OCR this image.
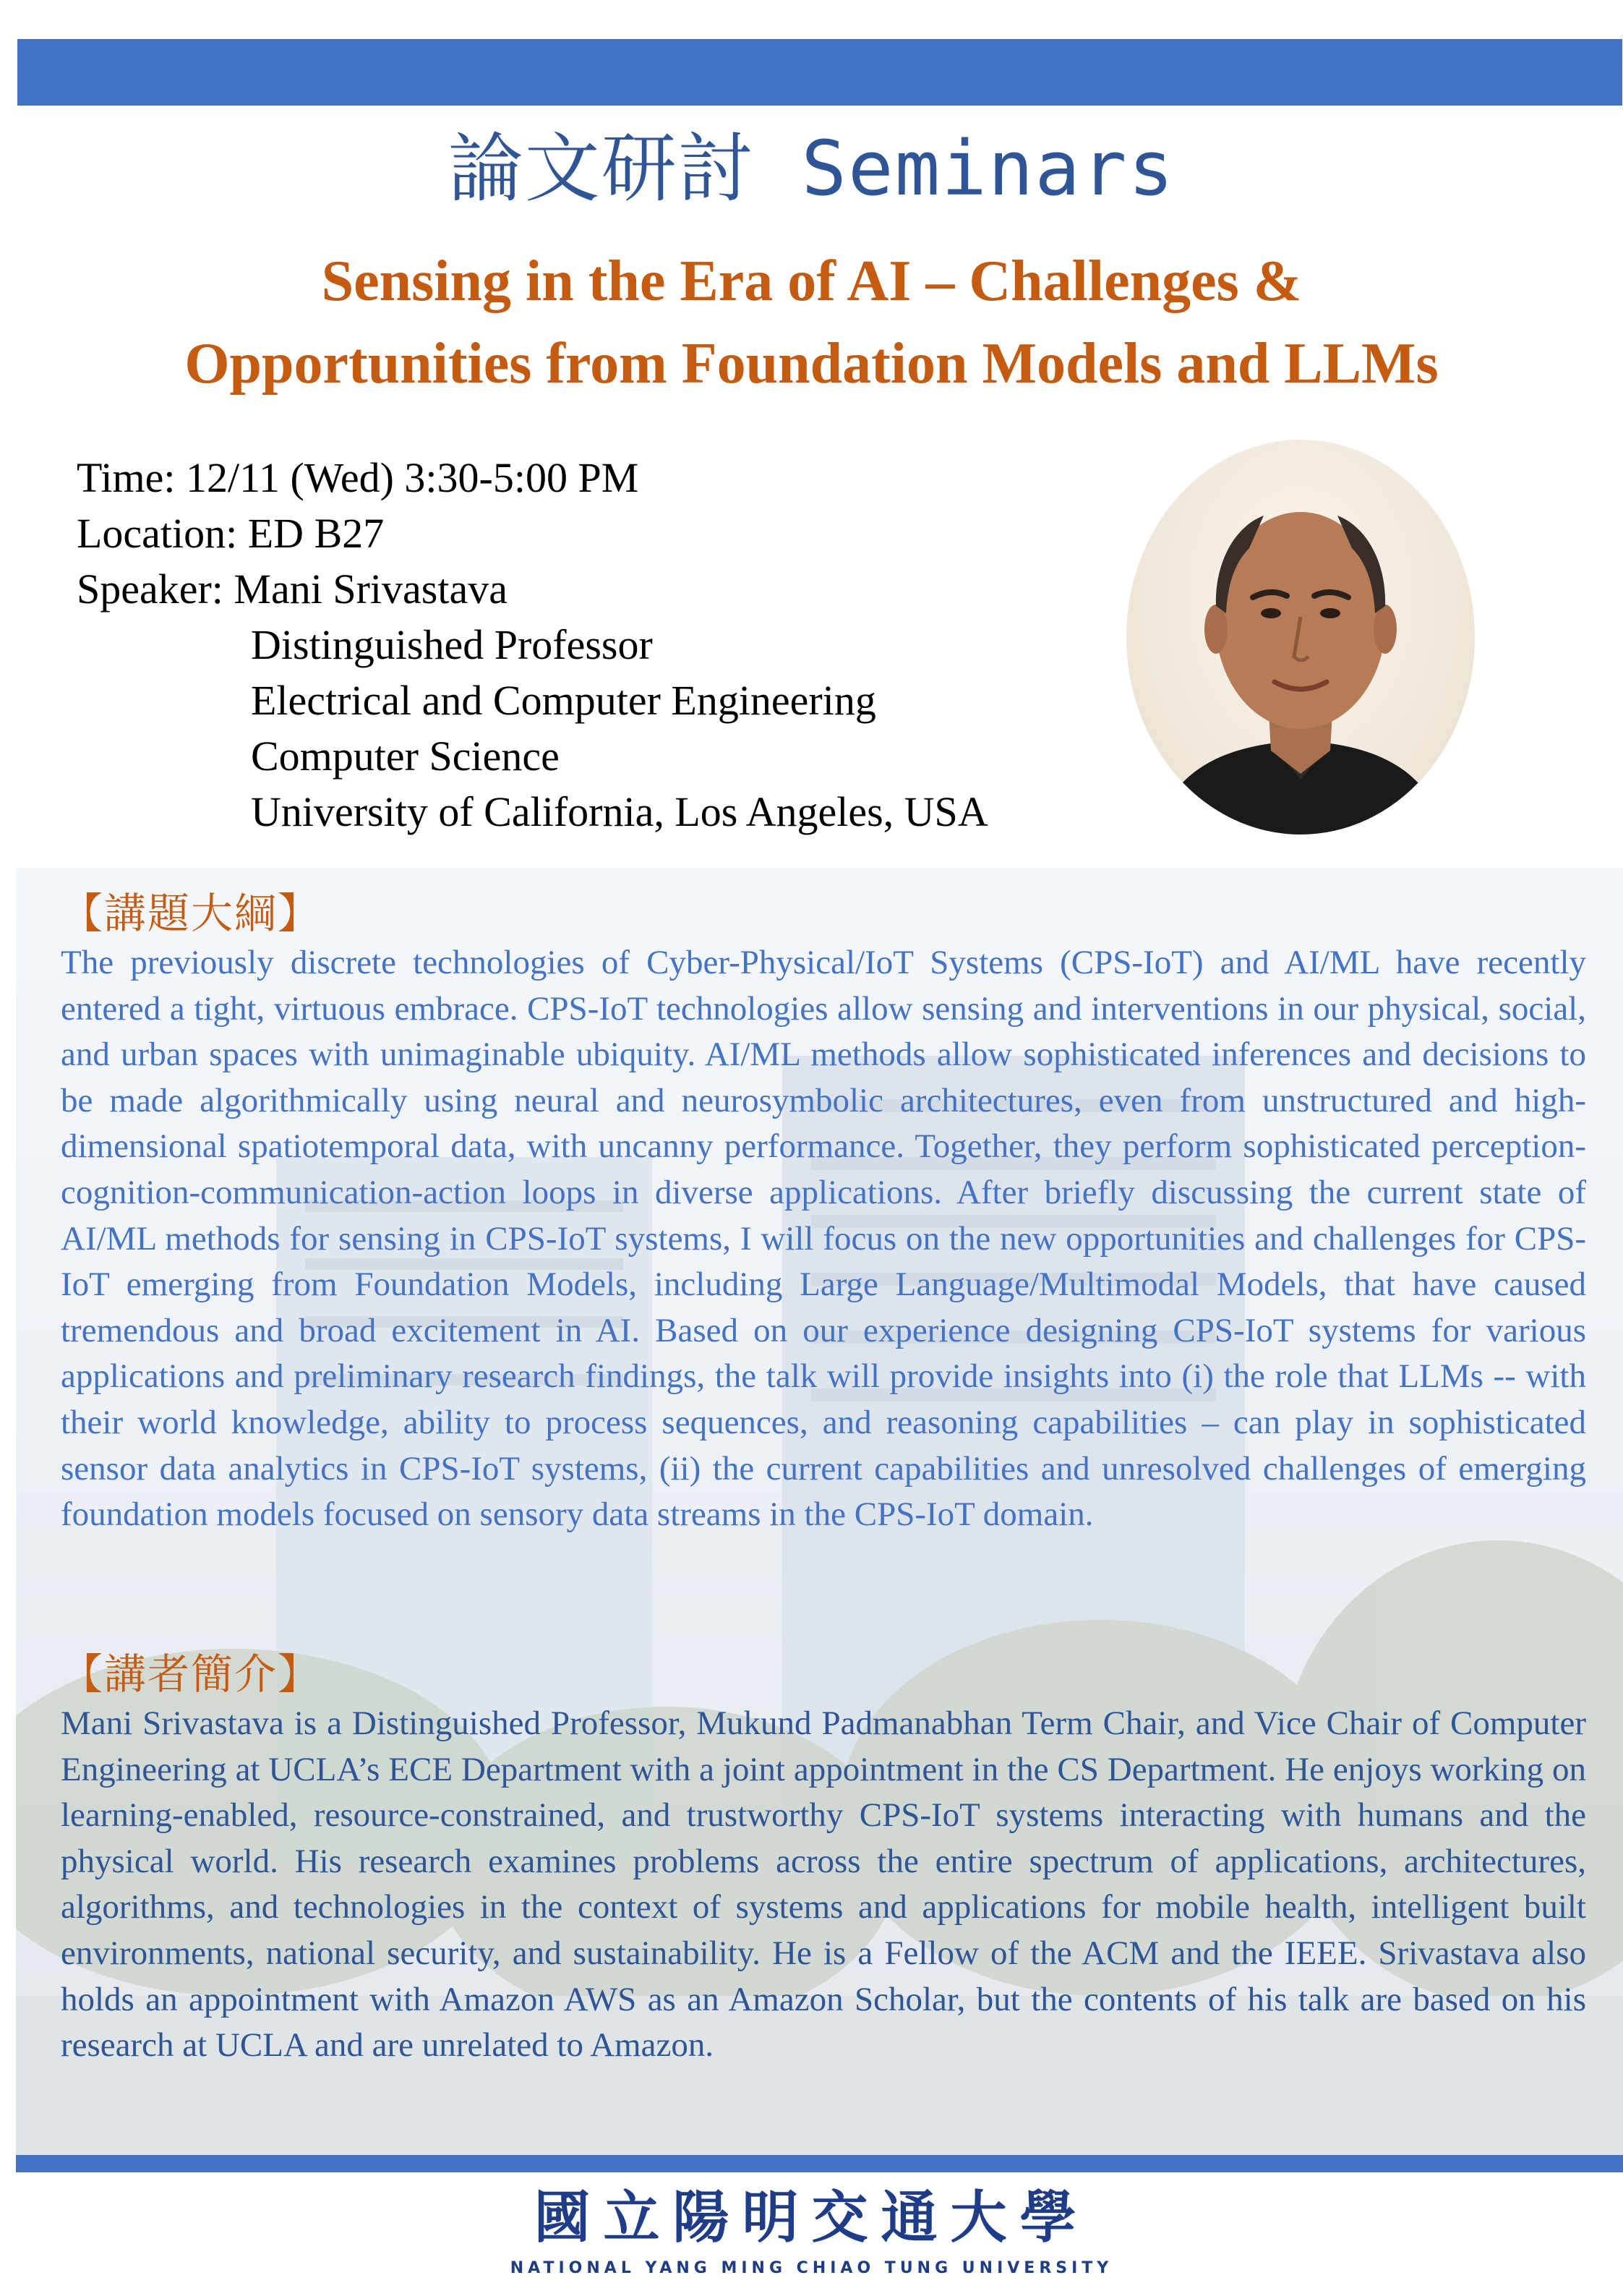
論文研討 Seminars
Sensing in the Era of AI – Challenges &
Opportunities from Foundation Models and LLMs
Time: 12/11 (Wed) 3:30-5:00 PM
Location: ED B27
Speaker: Mani Srivastava
Distinguished Professor
Electrical and Computer Engineering
Computer Science
University of California, Los Angeles, USA
【講題大綱】
The previously discrete technologies of Cyber-Physical/IoT Systems (CPS-IoT) and AI/ML have recently entered a tight, virtuous embrace. CPS-IoT technologies allow sensing and interventions in our physical, social, and urban spaces with unimaginable ubiquity. AI/ML methods allow sophisticated inferences and decisions to be made algorithmically using neural and neurosymbolic architectures, even from unstructured and high-dimensional spatiotemporal data, with uncanny performance. Together, they perform sophisticated perception-cognition-communication-action loops in diverse applications. After briefly discussing the current state of AI/ML methods for sensing in CPS-IoT systems, I will focus on the new opportunities and challenges for CPS-IoT emerging from Foundation Models, including Large Language/Multimodal Models, that have caused tremendous and broad excitement in AI. Based on our experience designing CPS-IoT systems for various applications and preliminary research findings, the talk will provide insights into (i) the role that LLMs -- with their world knowledge, ability to process sequences, and reasoning capabilities – can play in sophisticated sensor data analytics in CPS-IoT systems, (ii) the current capabilities and unresolved challenges of emerging foundation models focused on sensory data streams in the CPS-IoT domain.
【講者簡介】
Mani Srivastava is a Distinguished Professor, Mukund Padmanabhan Term Chair, and Vice Chair of Computer Engineering at UCLA’s ECE Department with a joint appointment in the CS Department. He enjoys working on learning-enabled, resource-constrained, and trustworthy CPS-IoT systems interacting with humans and the physical world. His research examines problems across the entire spectrum of applications, architectures, algorithms, and technologies in the context of systems and applications for mobile health, intelligent built environments, national security, and sustainability. He is a Fellow of the ACM and the IEEE. Srivastava also holds an appointment with Amazon AWS as an Amazon Scholar, but the contents of his talk are based on his research at UCLA and are unrelated to Amazon.
國立陽明交通大學
NATIONAL YANG MING CHIAO TUNG UNIVERSITY
